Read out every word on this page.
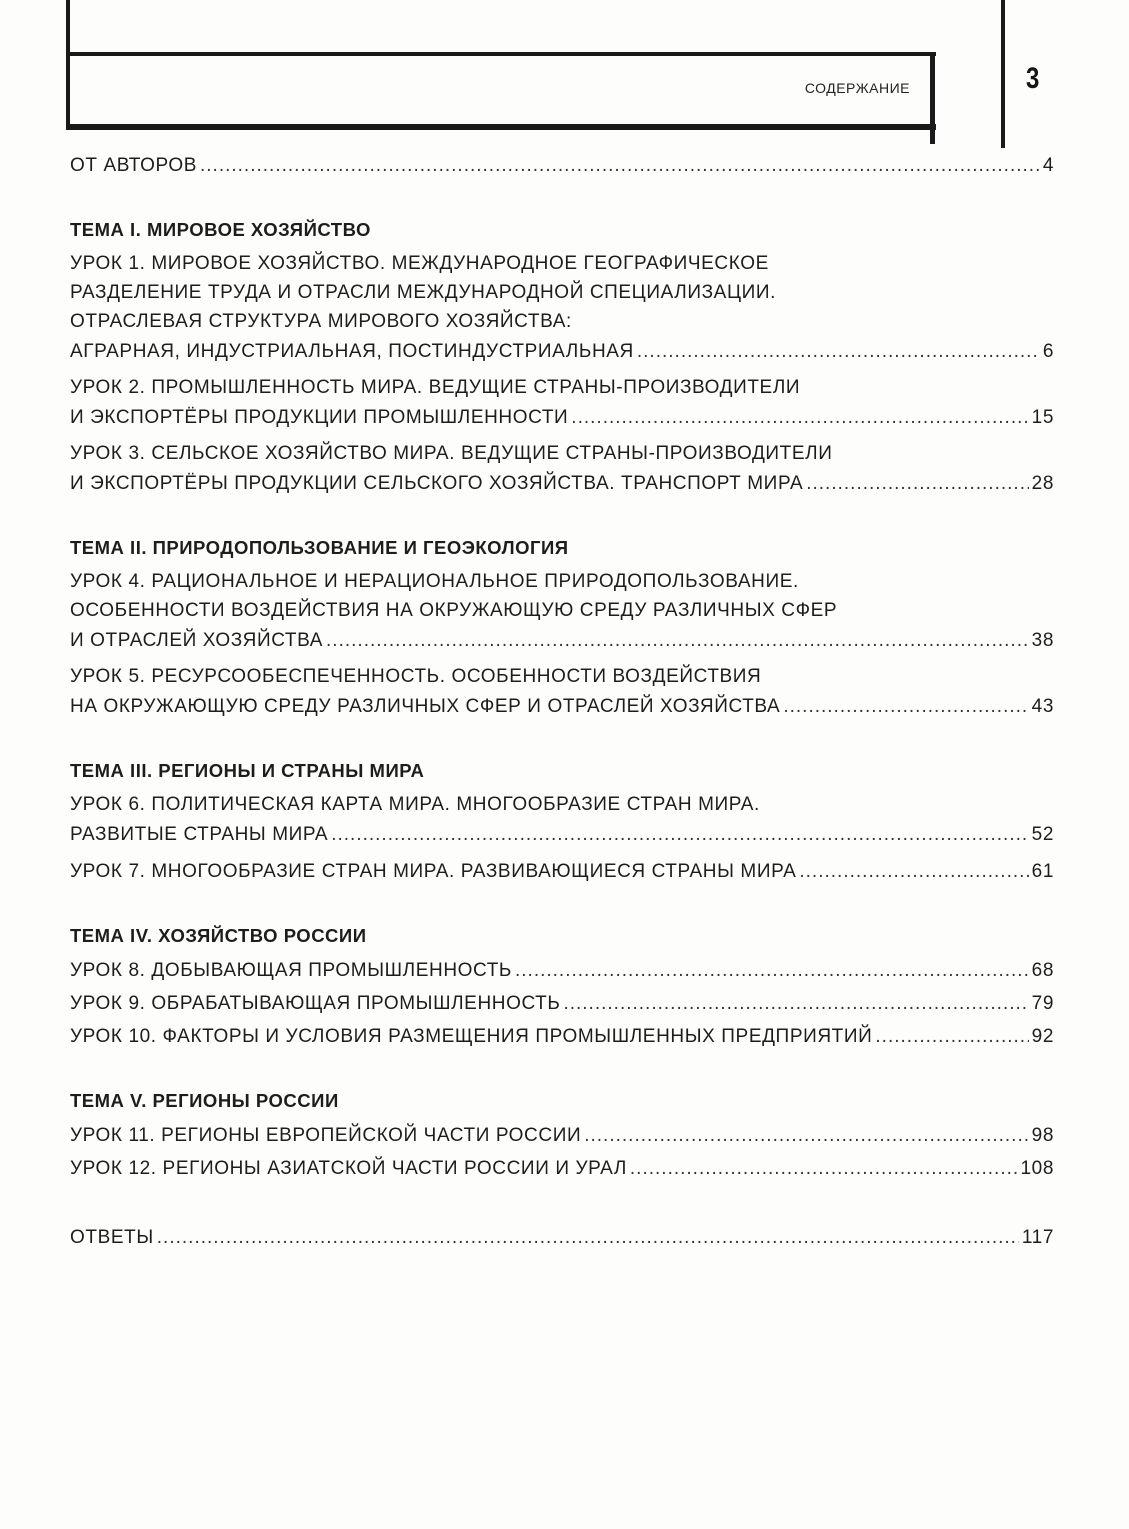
СОДЕРЖАНИЕ	3
ОТ АВТОРОВ .....	4
ТЕМА I. МИРОВОЕ ХОЗЯЙСТВО
УРОК 1. МИРОВОЕ ХОЗЯЙСТВО. МЕЖДУНАРОДНОЕ ГЕОГРАФИЧЕСКОЕ
РАЗДЕЛЕНИЕ ТРУДА И ОТРАСЛИ МЕЖДУНАРОДНОЙ СПЕЦИАЛИЗАЦИИ.
ОТРАСЛЕВАЯ СТРУКТУРА МИРОВОГО ХОЗЯЙСТВА:
АГРАРНАЯ, ИНДУСТРИАЛЬНАЯ, ПОСТИНДУСТРИАЛЬНАЯ .....	6
УРОК 2. ПРОМЫШЛЕННОСТЬ МИРА. ВЕДУЩИЕ СТРАНЫ-ПРОИЗВОДИТЕЛИ
И ЭКСПОРТЁРЫ ПРОДУКЦИИ ПРОМЫШЛЕННОСТИ .....	15
УРОК 3. СЕЛЬСКОЕ ХОЗЯЙСТВО МИРА. ВЕДУЩИЕ СТРАНЫ-ПРОИЗВОДИТЕЛИ
И ЭКСПОРТЁРЫ ПРОДУКЦИИ СЕЛЬСКОГО ХОЗЯЙСТВА. ТРАНСПОРТ МИРА .....	28
ТЕМА II. ПРИРОДОПОЛЬЗОВАНИЕ И ГЕОЭКОЛОГИЯ
УРОК 4. РАЦИОНАЛЬНОЕ И НЕРАЦИОНАЛЬНОЕ ПРИРОДОПОЛЬЗОВАНИЕ.
ОСОБЕННОСТИ ВОЗДЕЙСТВИЯ НА ОКРУЖАЮЩУЮ СРЕДУ РАЗЛИЧНЫХ СФЕР
И ОТРАСЛЕЙ ХОЗЯЙСТВА .....	38
УРОК 5. РЕСУРСООБЕСПЕЧЕННОСТЬ. ОСОБЕННОСТИ ВОЗДЕЙСТВИЯ
НА ОКРУЖАЮЩУЮ СРЕДУ РАЗЛИЧНЫХ СФЕР И ОТРАСЛЕЙ ХОЗЯЙСТВА .....	43
ТЕМА III. РЕГИОНЫ И СТРАНЫ МИРА
УРОК 6. ПОЛИТИЧЕСКАЯ КАРТА МИРА. МНОГООБРАЗИЕ СТРАН МИРА.
РАЗВИТЫЕ СТРАНЫ МИРА .....	52
УРОК 7. МНОГООБРАЗИЕ СТРАН МИРА. РАЗВИВАЮЩИЕСЯ СТРАНЫ МИРА .....	61
ТЕМА IV. ХОЗЯЙСТВО РОССИИ
УРОК 8. ДОБЫВАЮЩАЯ ПРОМЫШЛЕННОСТЬ .....	68
УРОК 9. ОБРАБАТЫВАЮЩАЯ ПРОМЫШЛЕННОСТЬ .....	79
УРОК 10. ФАКТОРЫ И УСЛОВИЯ РАЗМЕЩЕНИЯ ПРОМЫШЛЕННЫХ ПРЕДПРИЯТИЙ .....	92
ТЕМА V. РЕГИОНЫ РОССИИ
УРОК 11. РЕГИОНЫ ЕВРОПЕЙСКОЙ ЧАСТИ РОССИИ .....	98
УРОК 12. РЕГИОНЫ АЗИАТСКОЙ ЧАСТИ РОССИИ И УРАЛ .....	108
ОТВЕТЫ .....	117
